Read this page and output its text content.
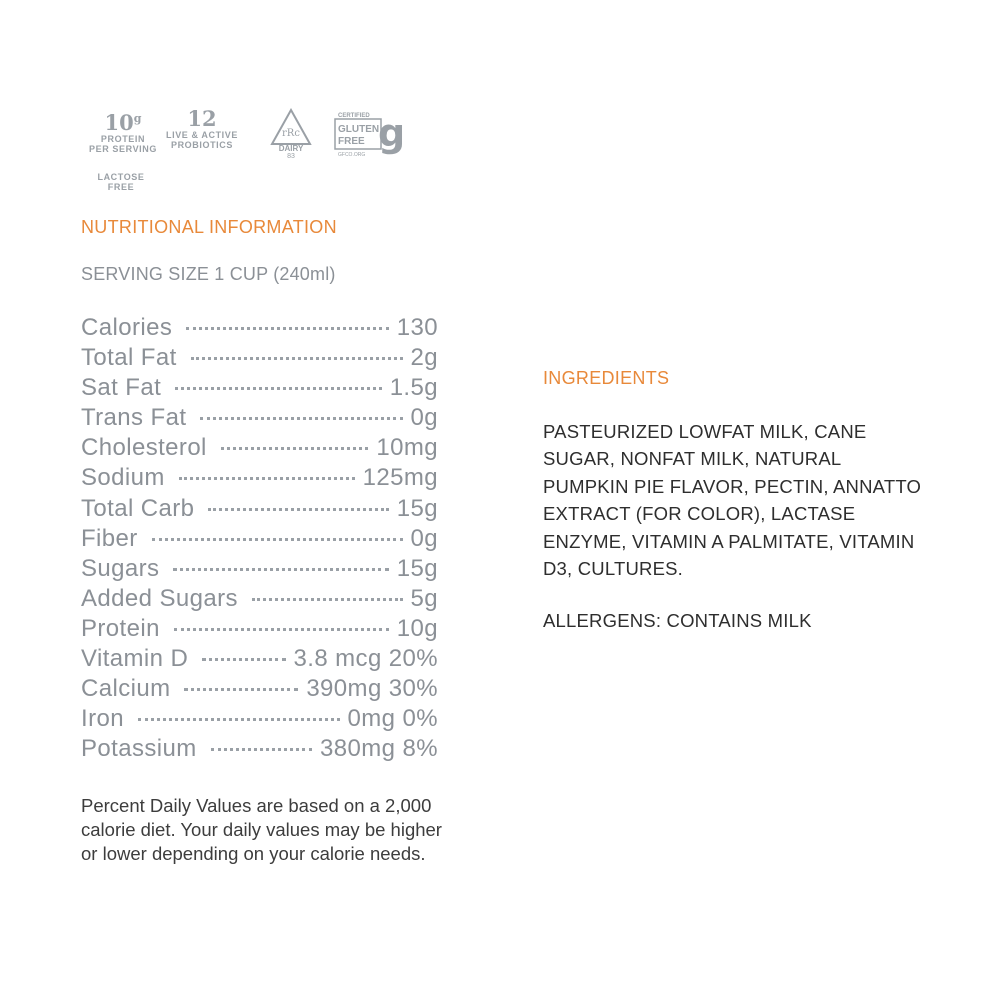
10$^g$
PROTEIN
PER SERVING
12
LIVE & ACTIVE
PROBIOTICS
LACTOSE
FREE
rRc
DAIRY
83
CERTIFIED
GLUTEN
FREE g
GFCO.ORG
NUTRITIONAL INFORMATION
SERVING SIZE 1 CUP (240ml)
Calories	130
Total Fat	2g
Sat Fat	1.5g
Trans Fat	0g
Cholesterol	10mg
Sodium	125mg
Total Carb	15g
Fiber	0g
Sugars	15g
Added Sugars	5g
Protein	10g
Vitamin D	3.8 mcg 20%
Calcium	390mg 30%
Iron	0mg 0%
Potassium	380mg 8%
Percent Daily Values are based on a 2,000 calorie diet. Your daily values may be higher or lower depending on your calorie needs.
INGREDIENTS
PASTEURIZED LOWFAT MILK, CANE SUGAR, NONFAT MILK, NATURAL PUMPKIN PIE FLAVOR, PECTIN, ANNATTO EXTRACT (FOR COLOR), LACTASE ENZYME, VITAMIN A PALMITATE, VITAMIN D3, CULTURES.
ALLERGENS: CONTAINS MILK
